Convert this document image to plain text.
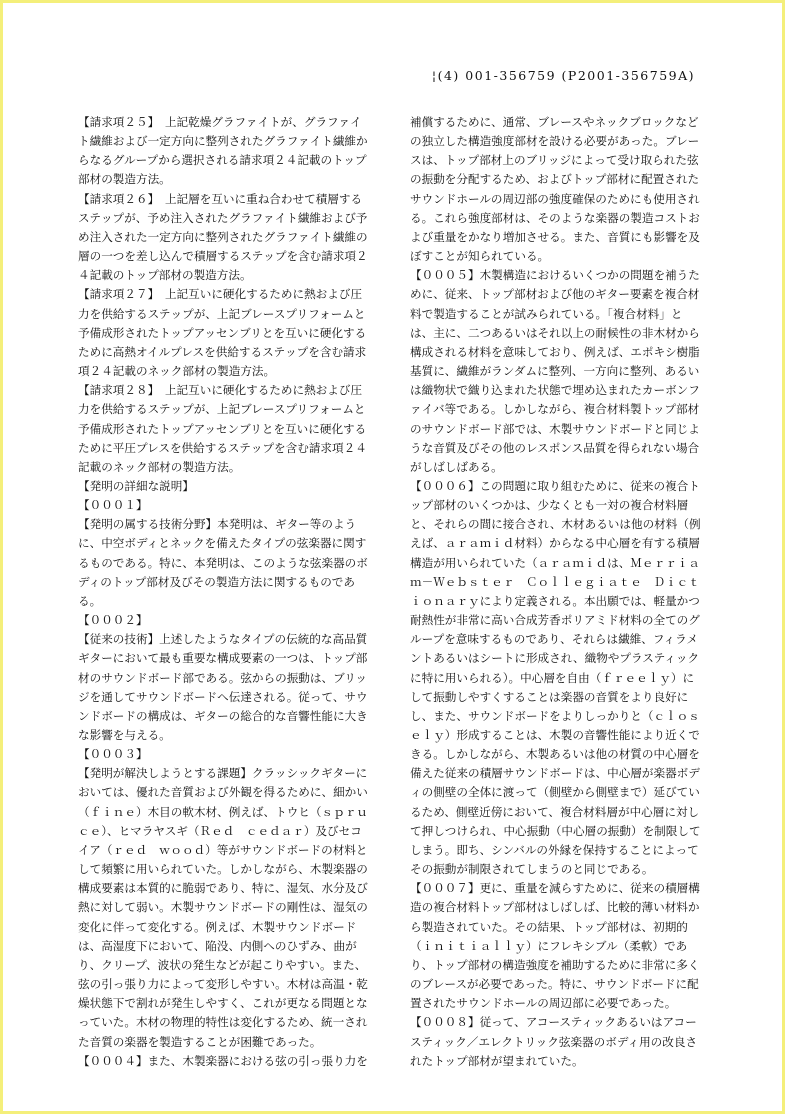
¦(4) 001-356759 (P2001-356759A)

【請求項２５】　上記乾燥グラファイトが、グラファイ

ト繊維および一定方向に整列されたグラファイト繊維か

らなるグループから選択される請求項２４記載のトップ

部材の製造方法。

【請求項２６】　上記層を互いに重ね合わせて積層する

ステップが、予め注入されたグラファイト繊維および予

め注入された一定方向に整列されたグラファイト繊維の

層の一つを差し込んで積層するステップを含む請求項２

４記載のトップ部材の製造方法。

【請求項２７】　上記互いに硬化するために熱および圧

力を供給するステップが、上記ブレースプリフォームと

予備成形されたトップアッセンブリとを互いに硬化する

ために高熱オイルプレスを供給するステップを含む請求

項２４記載のネック部材の製造方法。

【請求項２８】　上記互いに硬化するために熱および圧

力を供給するステップが、上記ブレースプリフォームと

予備成形されたトップアッセンブリとを互いに硬化する

ために平圧プレスを供給するステップを含む請求項２４

記載のネック部材の製造方法。

【発明の詳細な説明】

【０００１】

【発明の属する技術分野】本発明は、ギター等のよう

に、中空ボディとネックを備えたタイプの弦楽器に関す

るものである。特に、本発明は、このような弦楽器のボ

ディのトップ部材及びその製造方法に関するものであ

る。

【０００２】

【従来の技術】上述したようなタイプの伝統的な高品質

ギターにおいて最も重要な構成要素の一つは、トップ部

材のサウンドボード部である。弦からの振動は、ブリッ

ジを通してサウンドボードへ伝達される。従って、サウ

ンドボードの構成は、ギターの総合的な音響性能に大き

な影響を与える。

【０００３】

【発明が解決しようとする課題】クラッシックギターに

おいては、優れた音質および外観を得るために、細かい

（ｆｉｎｅ）木目の軟木材、例えば、トウヒ（ｓｐｒｕ

ｃｅ）、ヒマラヤスギ（Ｒｅｄ　ｃｅｄａｒ）及びセコ

イア（ｒｅｄ　ｗｏｏｄ）等がサウンドボードの材料と

して頻繁に用いられていた。しかしながら、木製楽器の

構成要素は本質的に脆弱であり、特に、湿気、水分及び

熱に対して弱い。木製サウンドボードの剛性は、湿気の

変化に伴って変化する。例えば、木製サウンドボード

は、高湿度下において、陥没、内側へのひずみ、曲が

り、クリープ、波状の発生などが起こりやすい。また、

弦の引っ張り力によって変形しやすい。木材は高温・乾

燥状態下で割れが発生しやすく、これが更なる問題とな

っていた。木材の物理的特性は変化するため、統一され

た音質の楽器を製造することが困難であった。

【０００４】また、木製楽器における弦の引っ張り力を

補償するために、通常、ブレースやネックブロックなど

の独立した構造強度部材を設ける必要があった。ブレー

スは、トップ部材上のブリッジによって受け取られた弦

の振動を分配するため、およびトップ部材に配置された

サウンドホールの周辺部の強度確保のためにも使用され

る。これら強度部材は、そのような楽器の製造コストお

よび重量をかなり増加させる。また、音質にも影響を及

ぼすことが知られている。

【０００５】木製構造におけるいくつかの問題を補うた

めに、従来、トップ部材および他のギター要素を複合材

料で製造することが試みられている。「複合材料」と

は、主に、二つあるいはそれ以上の耐候性の非木材から

構成される材料を意味しており、例えば、エポキシ樹脂

基質に、繊維がランダムに整列、一方向に整列、あるい

は織物状で織り込まれた状態で埋め込まれたカーボンフ

ァイバ等である。しかしながら、複合材料製トップ部材

のサウンドボード部では、木製サウンドボードと同じよ

うな音質及びその他のレスポンス品質を得られない場合

がしばしばある。

【０００６】この問題に取り組むために、従来の複合ト

ップ部材のいくつかは、少なくとも一対の複合材料層

と、それらの間に接合され、木材あるいは他の材料（例

えば、ａｒａｍｉｄ材料）からなる中心層を有する積層

構造が用いられていた（ａｒａｍｉｄは、Ｍｅｒｒｉａ

ｍ－Ｗｅｂｓｔｅｒ　Ｃｏｌｌｅｇｉａｔｅ　Ｄｉｃｔ

ｉｏｎａｒｙにより定義される。本出願では、軽量かつ

耐熱性が非常に高い合成芳香ポリアミド材料の全てのグ

ループを意味するものであり、それらは繊維、フィラメ

ントあるいはシートに形成され、織物やプラスティック

に特に用いられる）。中心層を自由（ｆｒｅｅｌｙ）に

して振動しやすくすることは楽器の音質をより良好に

し、また、サウンドボードをよりしっかりと（ｃｌｏｓ

ｅｌｙ）形成することは、木製の音響性能により近くで

きる。しかしながら、木製あるいは他の材質の中心層を

備えた従来の積層サウンドボードは、中心層が楽器ボデ

ィの側壁の全体に渡って（側壁から側壁まで）延びてい

るため、側壁近傍において、複合材料層が中心層に対し

て押しつけられ、中心振動（中心層の振動）を制限して

しまう。即ち、シンバルの外縁を保持することによって

その振動が制限されてしまうのと同じである。

【０００７】更に、重量を減らすために、従来の積層構

造の複合材料トップ部材はしばしば、比較的薄い材料か

ら製造されていた。その結果、トップ部材は、初期的

（ｉｎｉｔｉａｌｌｙ）にフレキシブル（柔軟）であ

り、トップ部材の構造強度を補助するために非常に多く

のブレースが必要であった。特に、サウンドボードに配

置されたサウンドホールの周辺部に必要であった。

【０００８】従って、アコースティックあるいはアコー

スティック／エレクトリック弦楽器のボディ用の改良さ

れたトップ部材が望まれていた。
